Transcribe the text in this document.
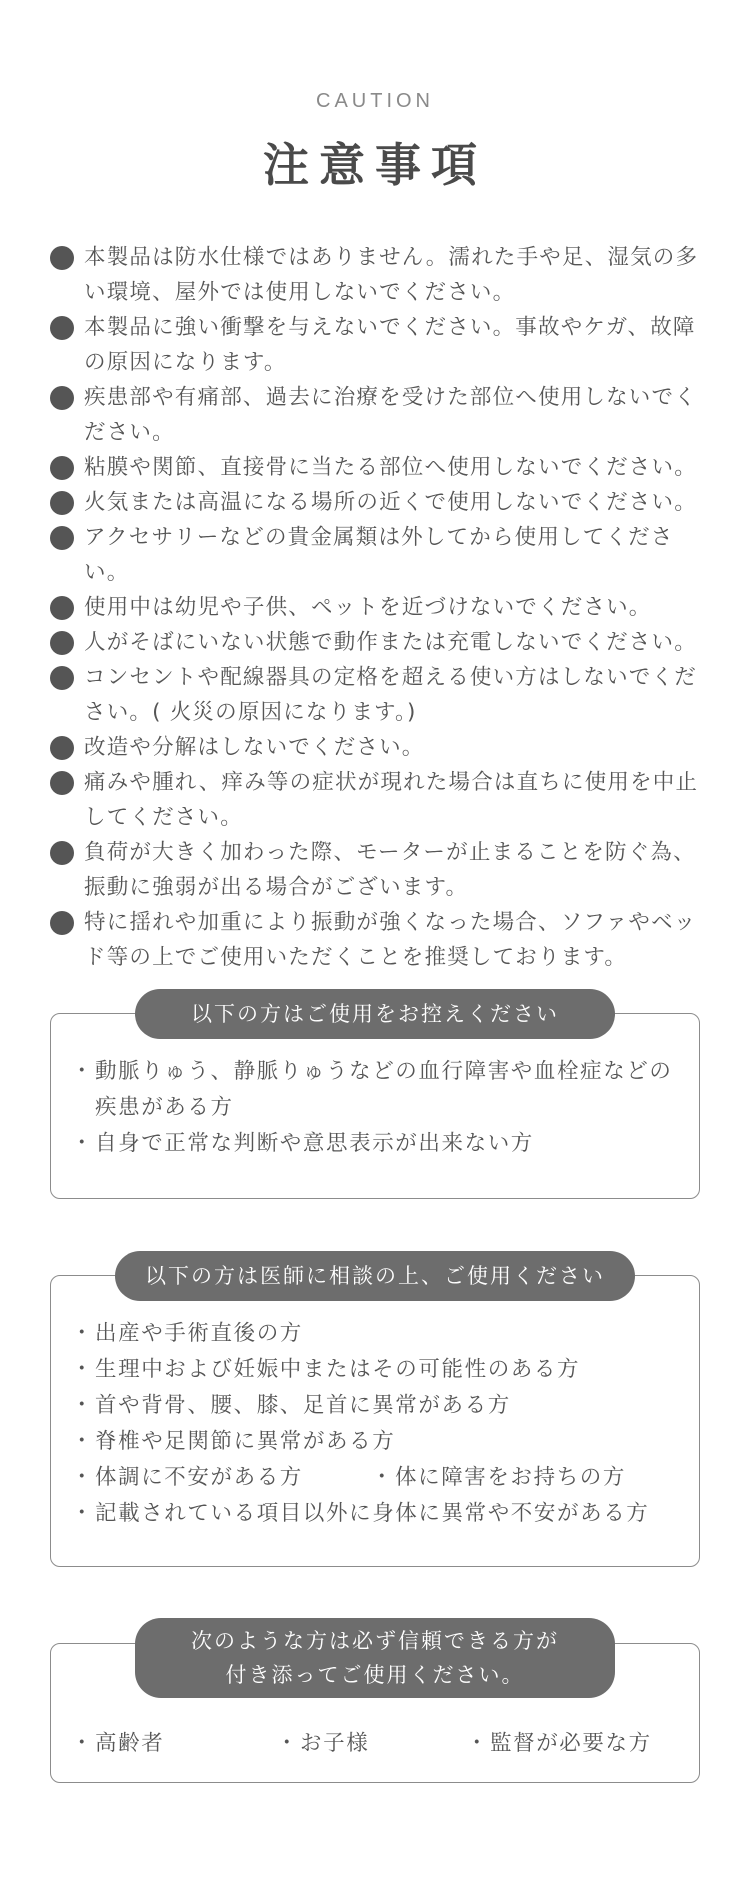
CAUTION
注意事項
本製品は防水仕様ではありません。濡れた手や足、湿気の多い環境、屋外では使用しないでください。
本製品に強い衝撃を与えないでください。事故やケガ、故障の原因になります。
疾患部や有痛部、過去に治療を受けた部位へ使用しないでください。
粘膜や関節、直接骨に当たる部位へ使用しないでください。
火気または高温になる場所の近くで使用しないでください。
アクセサリーなどの貴金属類は外してから使用してください。
使用中は幼児や子供、ペットを近づけないでください。
人がそばにいない状態で動作または充電しないでください。
コンセントや配線器具の定格を超える使い方はしないでください。( 火災の原因になります。)
改造や分解はしないでください。
痛みや腫れ、痒み等の症状が現れた場合は直ちに使用を中止してください。
負荷が大きく加わった際、モーターが止まることを防ぐ為、振動に強弱が出る場合がございます。
特に揺れや加重により振動が強くなった場合、ソファやベッド等の上でご使用いただくことを推奨しております。
以下の方はご使用をお控えください
・ 動脈りゅう、静脈りゅうなどの血行障害や血栓症などの疾患がある方
・ 自身で正常な判断や意思表示が出来ない方
以下の方は医師に相談の上、ご使用ください
・ 出産や手術直後の方
・ 生理中および妊娠中またはその可能性のある方
・ 首や背骨、腰、膝、足首に異常がある方
・ 脊椎や足関節に異常がある方
・ 体調に不安がある方	・ 体に障害をお持ちの方
・ 記載されている項目以外に身体に異常や不安がある方
次のような方は必ず信頼できる方が
付き添ってご使用ください。
・ 高齢者	・ お子様	・ 監督が必要な方
